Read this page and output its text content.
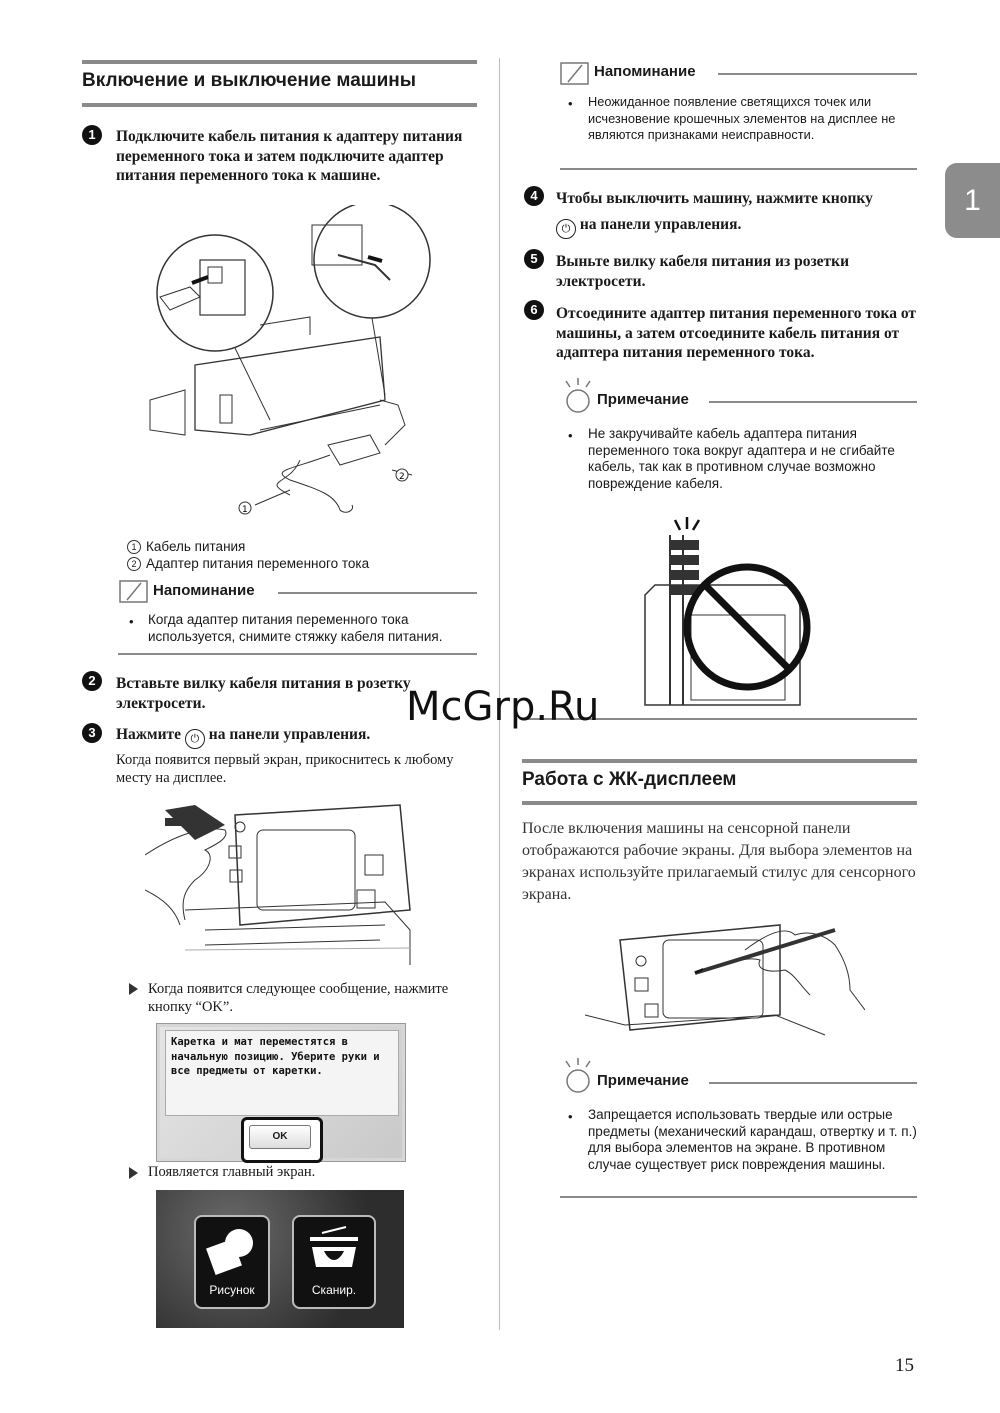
1
Включение и выключение машины
1	Подключите кабель питания к адаптеру питания переменного тока и затем подключите адаптер питания переменного тока к машине.
2
1
1 Кабель питания
2 Адаптер питания переменного тока
Напоминание
• Когда адаптер питания переменного тока используется, снимите стяжку кабеля питания.
2	Вставьте вилку кабеля питания в розетку электросети.
3	Нажмите ⏻ на панели управления.
Когда появится первый экран, прикоснитесь к любому месту на дисплее.
Когда появится следующее сообщение, нажмите кнопку “OK”.
Каретка и мат переместятся в начальную позицию. Уберите руки и все предметы от каретки.
OK
Появляется главный экран.
Рисунок	Сканир.
Напоминание
• Неожиданное появление светящихся точек или исчезновение крошечных элементов на дисплее не являются признаками неисправности.
4	Чтобы выключить машину, нажмите кнопку
⏻ на панели управления.
5	Выньте вилку кабеля питания из розетки электросети.
6	Отсоедините адаптер питания переменного тока от машины, а затем отсоедините кабель питания от адаптера питания переменного тока.
Примечание
• Не закручивайте кабель адаптера питания переменного тока вокруг адаптера и не сгибайте кабель, так как в противном случае возможно повреждение кабеля.
Работа с ЖК-дисплеем
После включения машины на сенсорной панели отображаются рабочие экраны. Для выбора элементов на экранах используйте прилагаемый стилус для сенсорного экрана.
Примечание
• Запрещается использовать твердые или острые предметы (механический карандаш, отвертку и т. п.) для выбора элементов на экране. В противном случае существует риск повреждения машины.
McGrp.Ru
15
